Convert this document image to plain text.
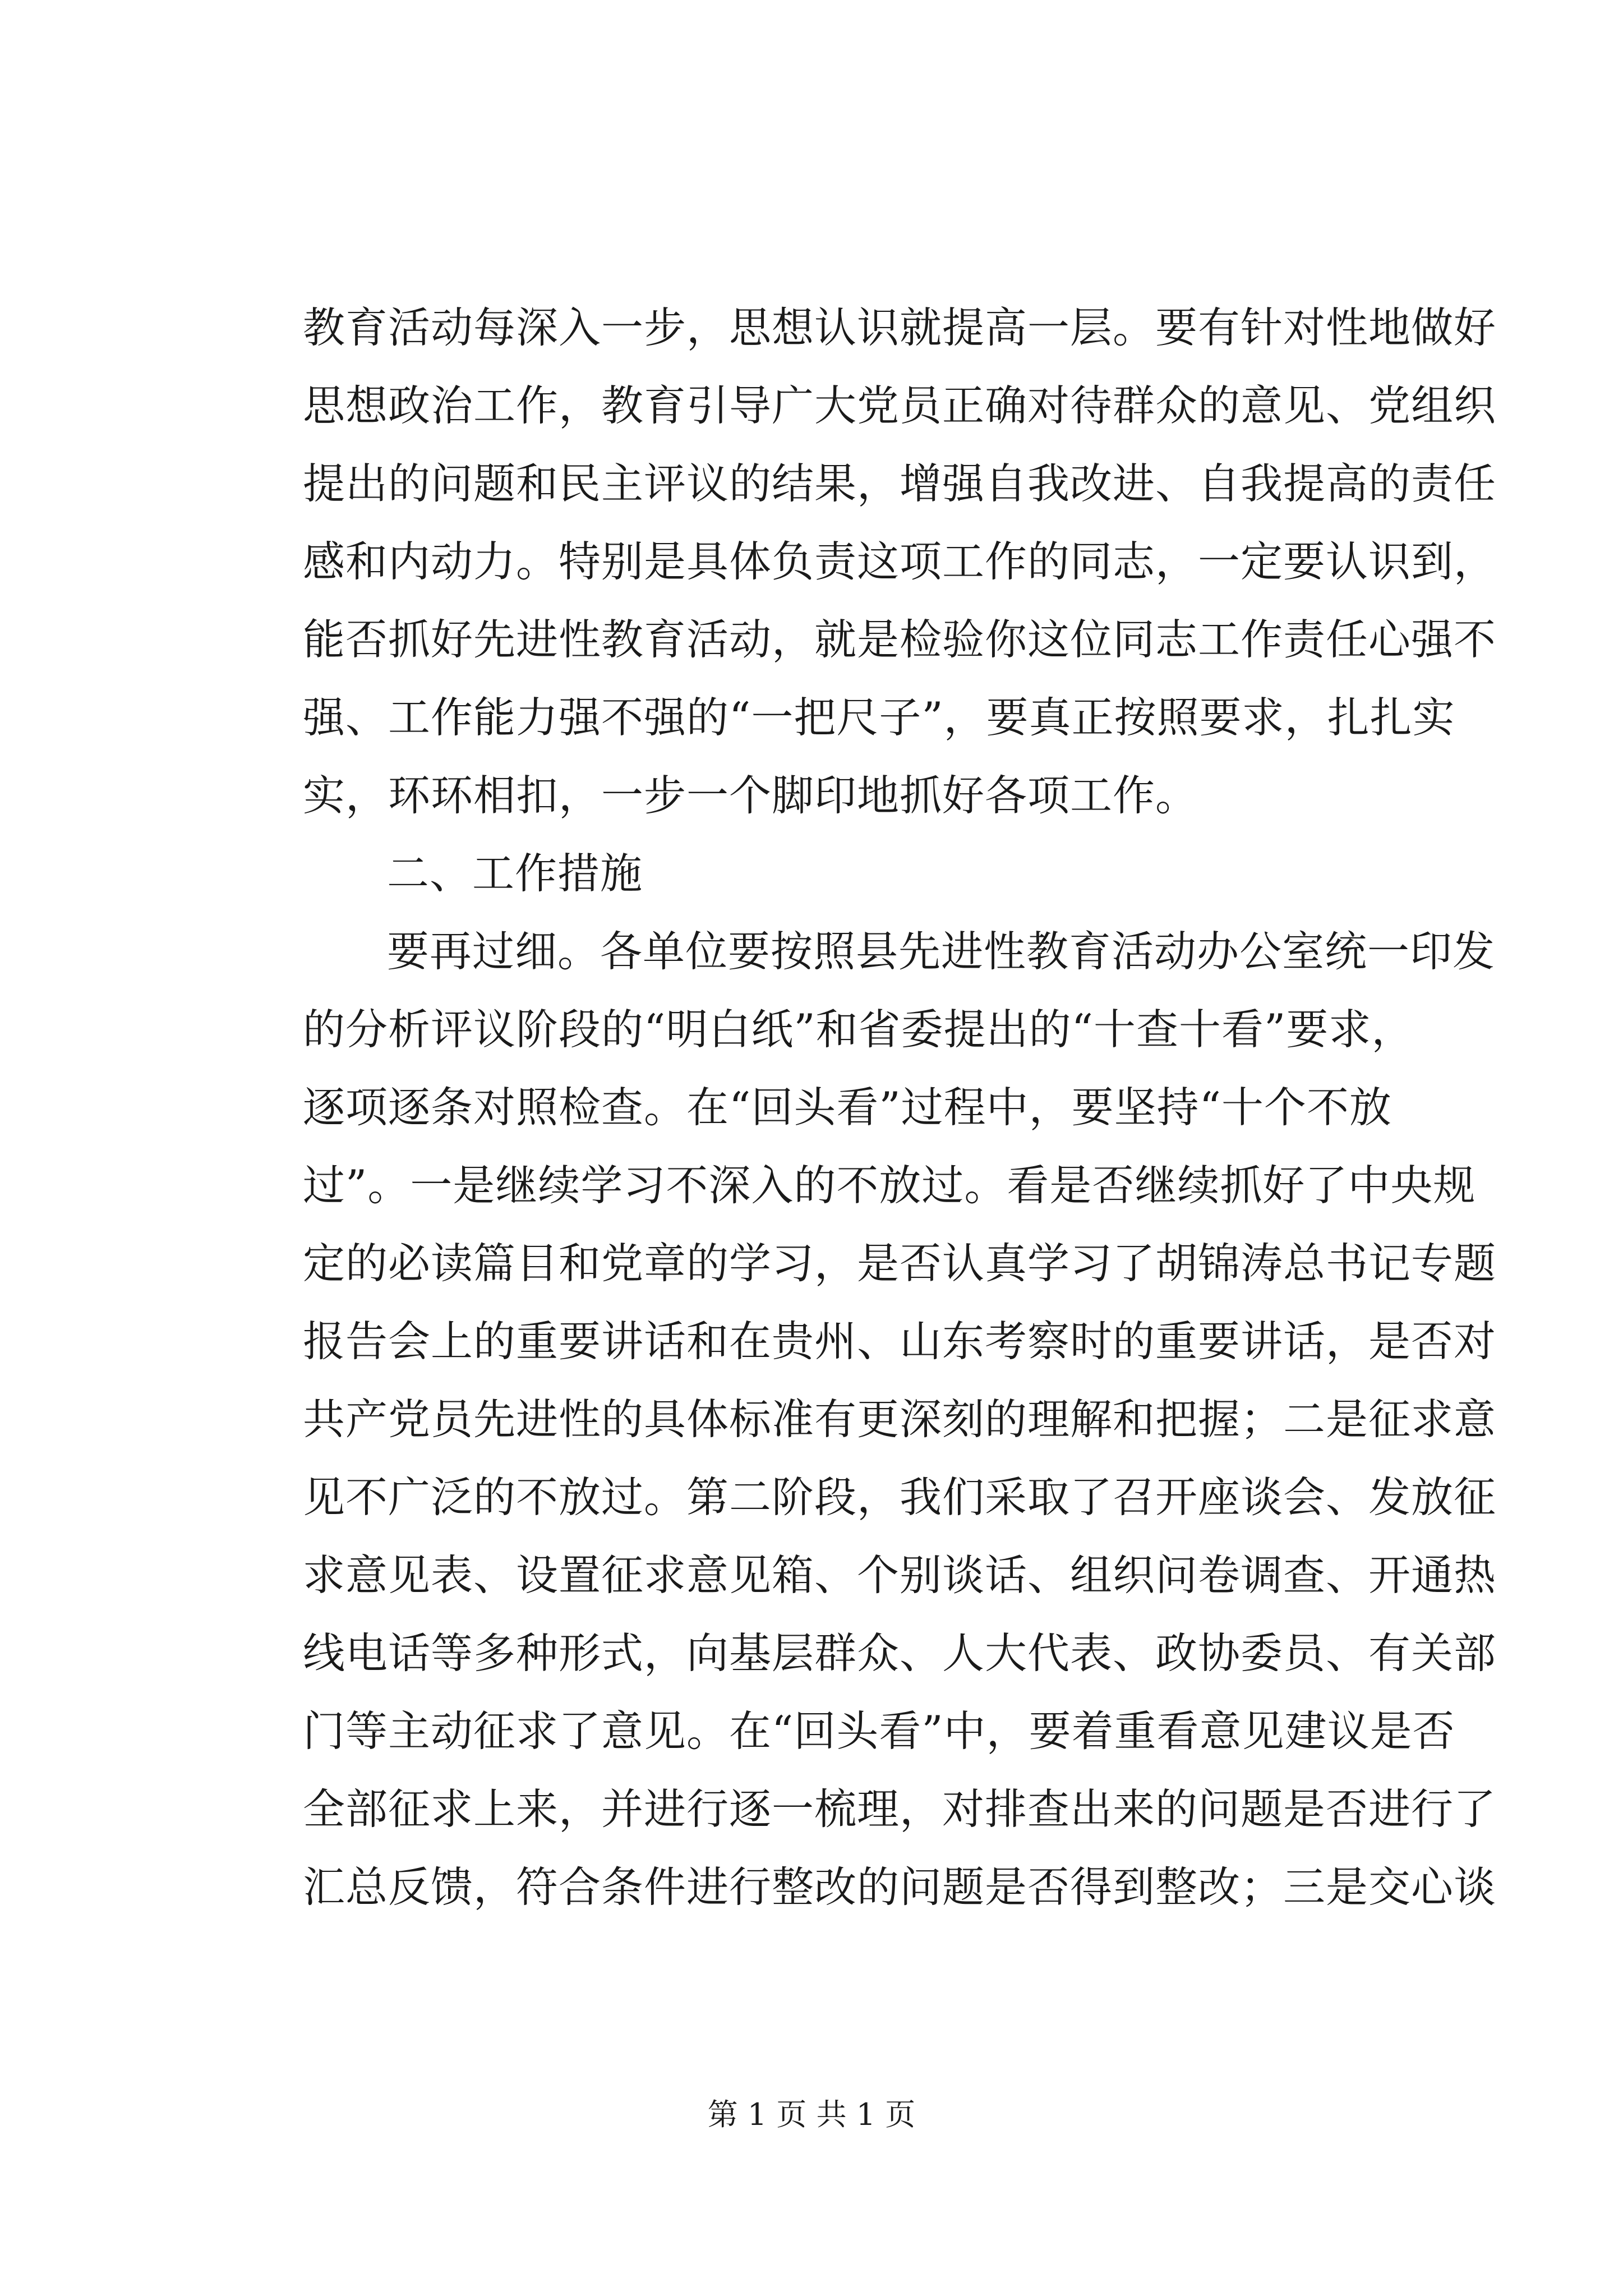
教育活动每深入一步，思想认识就提高一层。要有针对性地做好
思想政治工作，教育引导广大党员正确对待群众的意见、党组织
提出的问题和民主评议的结果，增强自我改进、自我提高的责任
感和内动力。特别是具体负责这项工作的同志，一定要认识到，
能否抓好先进性教育活动，就是检验你这位同志工作责任心强不
强、工作能力强不强的“一把尺子”，要真正按照要求，扎扎实
实，环环相扣，一步一个脚印地抓好各项工作。
二、工作措施
要再过细。各单位要按照县先进性教育活动办公室统一印发
的分析评议阶段的“明白纸”和省委提出的“十查十看”要求，
逐项逐条对照检查。在“回头看”过程中，要坚持“十个不放
过”。一是继续学习不深入的不放过。看是否继续抓好了中央规
定的必读篇目和党章的学习，是否认真学习了胡锦涛总书记专题
报告会上的重要讲话和在贵州、山东考察时的重要讲话，是否对
共产党员先进性的具体标准有更深刻的理解和把握；二是征求意
见不广泛的不放过。第二阶段，我们采取了召开座谈会、发放征
求意见表、设置征求意见箱、个别谈话、组织问卷调查、开通热
线电话等多种形式，向基层群众、人大代表、政协委员、有关部
门等主动征求了意见。在“回头看”中，要着重看意见建议是否
全部征求上来，并进行逐一梳理，对排查出来的问题是否进行了
汇总反馈，符合条件进行整改的问题是否得到整改；三是交心谈
第 1 页 共 1 页
